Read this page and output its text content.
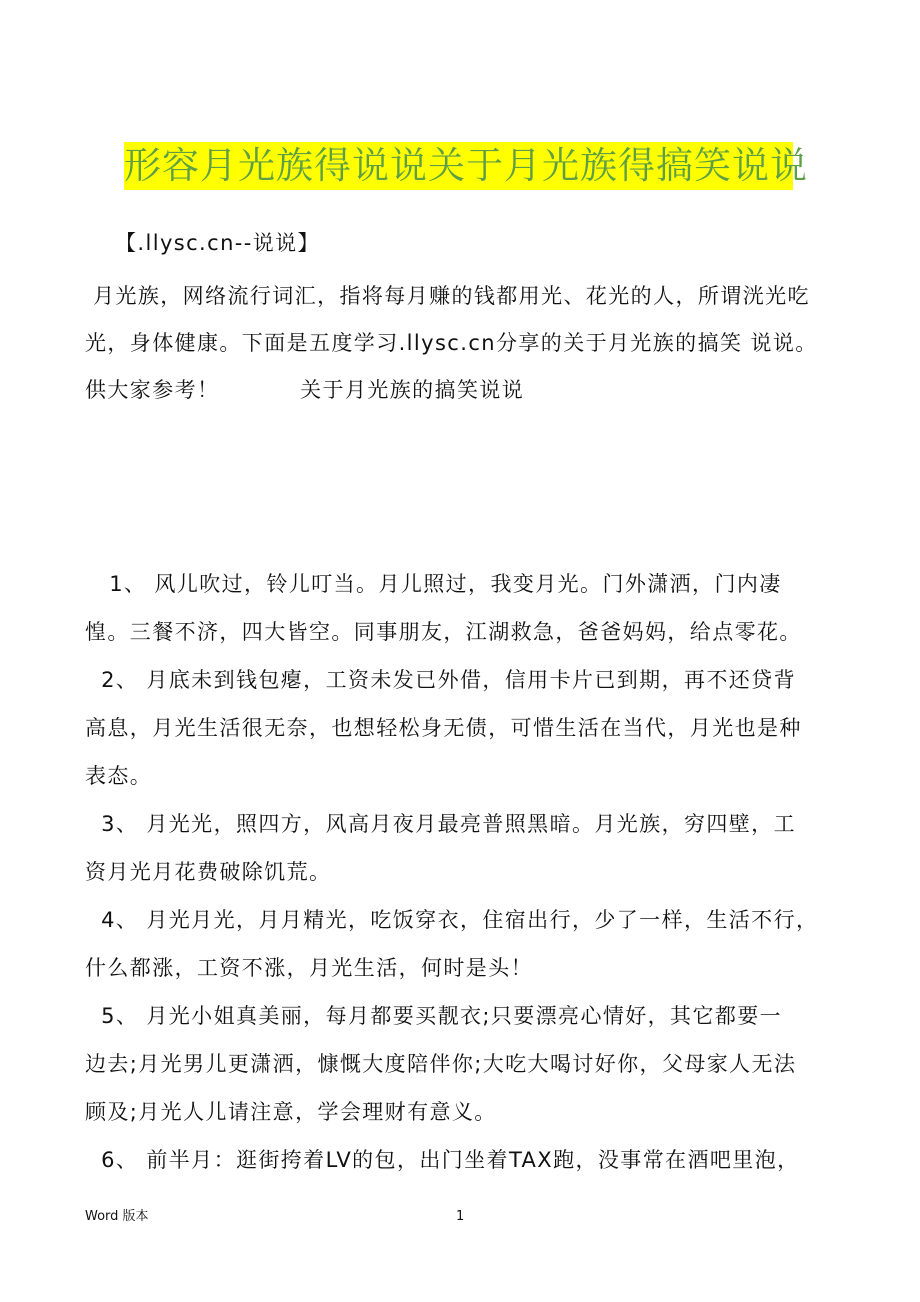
形容月光族得说说关于月光族得搞笑说说
【.llysc.cn--说说】
月光族，网络流行词汇，指将每月赚的钱都用光、花光的人，所谓洸光吃
光，身体健康。下面是五度学习.llysc.cn分享的关于月光族的搞笑 说说。
供大家参考！          关于月光族的搞笑说说
1、 风儿吹过，铃儿叮当。月儿照过，我变月光。门外潇洒，门内凄
惶。三餐不济，四大皆空。同事朋友，江湖救急，爸爸妈妈，给点零花。
2、 月底未到钱包瘪，工资未发已外借，信用卡片已到期，再不还贷背
高息，月光生活很无奈，也想轻松身无债，可惜生活在当代，月光也是种
表态。
3、 月光光，照四方，风高月夜月最亮普照黑暗。月光族，穷四壁，工
资月光月花费破除饥荒。
4、 月光月光，月月精光，吃饭穿衣，住宿出行，少了一样，生活不行，
什么都涨，工资不涨，月光生活，何时是头！
5、 月光小姐真美丽，每月都要买靓衣;只要漂亮心情好，其它都要一
边去;月光男儿更潇洒，慷慨大度陪伴你;大吃大喝讨好你，父母家人无法
顾及;月光人儿请注意，学会理财有意义。
6、 前半月：逛街挎着LV的包，出门坐着TAX跑，没事常在酒吧里泡，
Word 版本	1
